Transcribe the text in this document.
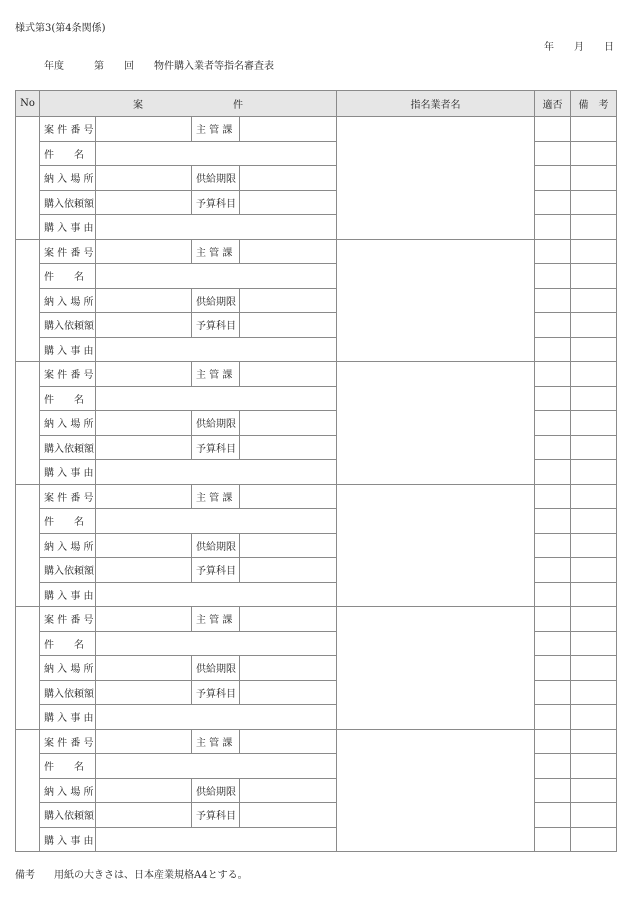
様式第3(第4条関係)
年　　月　　日
年度　　　第　　回　　物件購入業者等指名審査表
No	案　　　　　　　　　件				指名業者名	適否	備　考
	案 件 番 号		主 管 課				
	件　　名						
	納 入 場 所		供給期限				
	購入依頼額		予算科目				
	購 入 事 由						
	案 件 番 号		主 管 課				
	件　　名						
	納 入 場 所		供給期限				
	購入依頼額		予算科目				
	購 入 事 由						
	案 件 番 号		主 管 課				
	件　　名						
	納 入 場 所		供給期限				
	購入依頼額		予算科目				
	購 入 事 由						
	案 件 番 号		主 管 課				
	件　　名						
	納 入 場 所		供給期限				
	購入依頼額		予算科目				
	購 入 事 由						
	案 件 番 号		主 管 課				
	件　　名						
	納 入 場 所		供給期限				
	購入依頼額		予算科目				
	購 入 事 由						
	案 件 番 号		主 管 課				
	件　　名						
	納 入 場 所		供給期限				
	購入依頼額		予算科目				
	購 入 事 由						
備考 用紙の大きさは、日本産業規格A4とする。
